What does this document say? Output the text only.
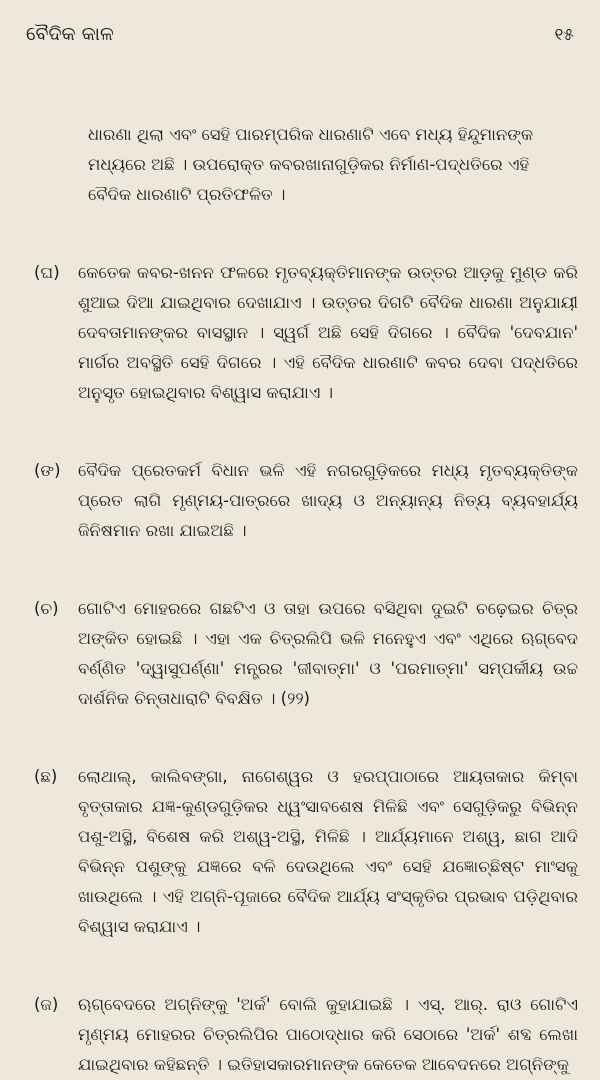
ବୈଦିକ କାଳ	୧୫
ଧାରଣା ଥିଲା ଏବଂ ସେହି ପାରମ୍ପରିକ ଧାରଣାଟି ଏବେ ମଧ୍ୟ ହିନ୍ଦୁମାନଙ୍କ ମଧ୍ୟରେ ଅଛି । ଉପରୋକ୍ତ କବରଖାନାଗୁଡ଼ିକର ନିର୍ମାଣ-ପଦ୍ଧତିରେ ଏହି ବୈଦିକ ଧାରଣାଟି ପ୍ରତିଫଳିତ ।
(ଘ)	କେତେକ କବର-ଖନନ ଫଳରେ ମୃତବ୍ୟକ୍ତିମାନଙ୍କ ଉତ୍ତର ଆଡ଼କୁ ମୁଣ୍ଡ କରି ଶୁଆଇ ଦିଆ ଯାଇଥିବାର ଦେଖାଯାଏ । ଉତ୍ତର ଦିଗଟି ବୈଦିକ ଧାରଣା ଅନୁଯାୟୀ ଦେବତାମାନଙ୍କର ବାସସ୍ଥାନ । ସ୍ୱର୍ଗ ଅଛି ସେହି ଦିଗରେ । ବୈଦିକ 'ଦେବଯାନ' ମାର୍ଗର ଅବସ୍ଥିତି ସେହି ଦିଗରେ । ଏହି ବୈଦିକ ଧାରଣାଟି କବର ଦେବା ପଦ୍ଧତିରେ ଅନୁସୃତ ହୋଇଥିବାର ବିଶ୍ୱାସ କରାଯାଏ ।
(ଙ)	ବୈଦିକ ପ୍ରେତକର୍ମ ବିଧାନ ଭଳି ଏହି ନଗରଗୁଡ଼ିକରେ ମଧ୍ୟ ମୃତବ୍ୟକ୍ତିଙ୍କ ପ୍ରେତ ଲାଗି ମୃଣ୍ମୟ-ପାତ୍ରରେ ଖାଦ୍ୟ ଓ ଅନ୍ୟାନ୍ୟ ନିତ୍ୟ ବ୍ୟବହାର୍ଯ୍ୟ ଜିନିଷମାନ ରଖା ଯାଇଅଛି ।
(ଚ)	ଗୋଟିଏ ମୋହରରେ ଗଛଟିଏ ଓ ତାହା ଉପରେ ବସିଥିବା ଦୁଇଟି ଚଢ଼େଇର ଚିତ୍ର ଅଙ୍କିତ ହୋଇଛି । ଏହା ଏକ ଚିତ୍ରଲିପି ଭଳି ମନେହୁଏ ଏବଂ ଏଥିରେ ଋଗ୍‌ବେଦ ବର୍ଣ୍ଣିତ 'ଦ୍ୱାସୁପର୍ଣ୍ଣା' ମନ୍ତ୍ରର 'ଜୀବାତ୍ମା' ଓ 'ପରମାତ୍ମା' ସମ୍ପର୍କୀୟ ଉଚ୍ଚ ଦାର୍ଶନିକ ଚିନ୍ତାଧାରାଟି ବିବକ୍ଷିତ । (୨୨)
(ଛ)	ଲୋଥାଲ୍, କାଲିବଙ୍ଗା, ନାଗେଶ୍ୱର ଓ ହରପ୍ପାଠାରେ ଆୟତାକାର କିମ୍ବା ବୃତ୍ତାକାର ଯଜ୍ଞ-କୁଣ୍ଡଗୁଡ଼ିକର ଧ୍ୱଂସାବଶେଷ ମିଳିଛି ଏବଂ ସେଗୁଡ଼ିକରୁ ବିଭିନ୍ନ ପଶୁ-ଅସ୍ଥି, ବିଶେଷ କରି ଅଶ୍ୱ-ଅସ୍ଥି, ମିଳିଛି । ଆର୍ଯ୍ୟମାନେ ଅଶ୍ୱ, ଛାଗ ଆଦି ବିଭିନ୍ନ ପଶୁଙ୍କୁ ଯଜ୍ଞରେ ବଳି ଦେଉଥିଲେ ଏବଂ ସେହି ଯଜ୍ଞୋଚ୍ଛିଷ୍ଟ ମାଂସକୁ ଖାଉଥିଲେ । ଏହି ଅଗ୍ନି-ପୂଜାରେ ବୈଦିକ ଆର୍ଯ୍ୟ ସଂସ୍କୃତିର ପ୍ରଭାବ ପଡ଼ିଥିବାର ବିଶ୍ୱାସ କରାଯାଏ ।
(ଜ)	ଋଗ୍‌ବେଦରେ ଅଗ୍ନିଙ୍କୁ 'ଅର୍କ' ବୋଲି କୁହାଯାଇଛି । ଏସ୍. ଆର୍. ରାଓ ଗୋଟିଏ ମୃଣ୍ମୟ ମୋହରର ଚିତ୍ରଲିପିର ପାଠୋଦ୍ଧାର କରି ସେଠାରେ 'ଅର୍କ' ଶବ୍ଦ ଲେଖା ଯାଇଥିବାର କହିଛନ୍ତି । ଇତିହାସକାରମାନଙ୍କ କେତେକ ଆବେଦନରେ ଅଗ୍ନିଙ୍କୁ
